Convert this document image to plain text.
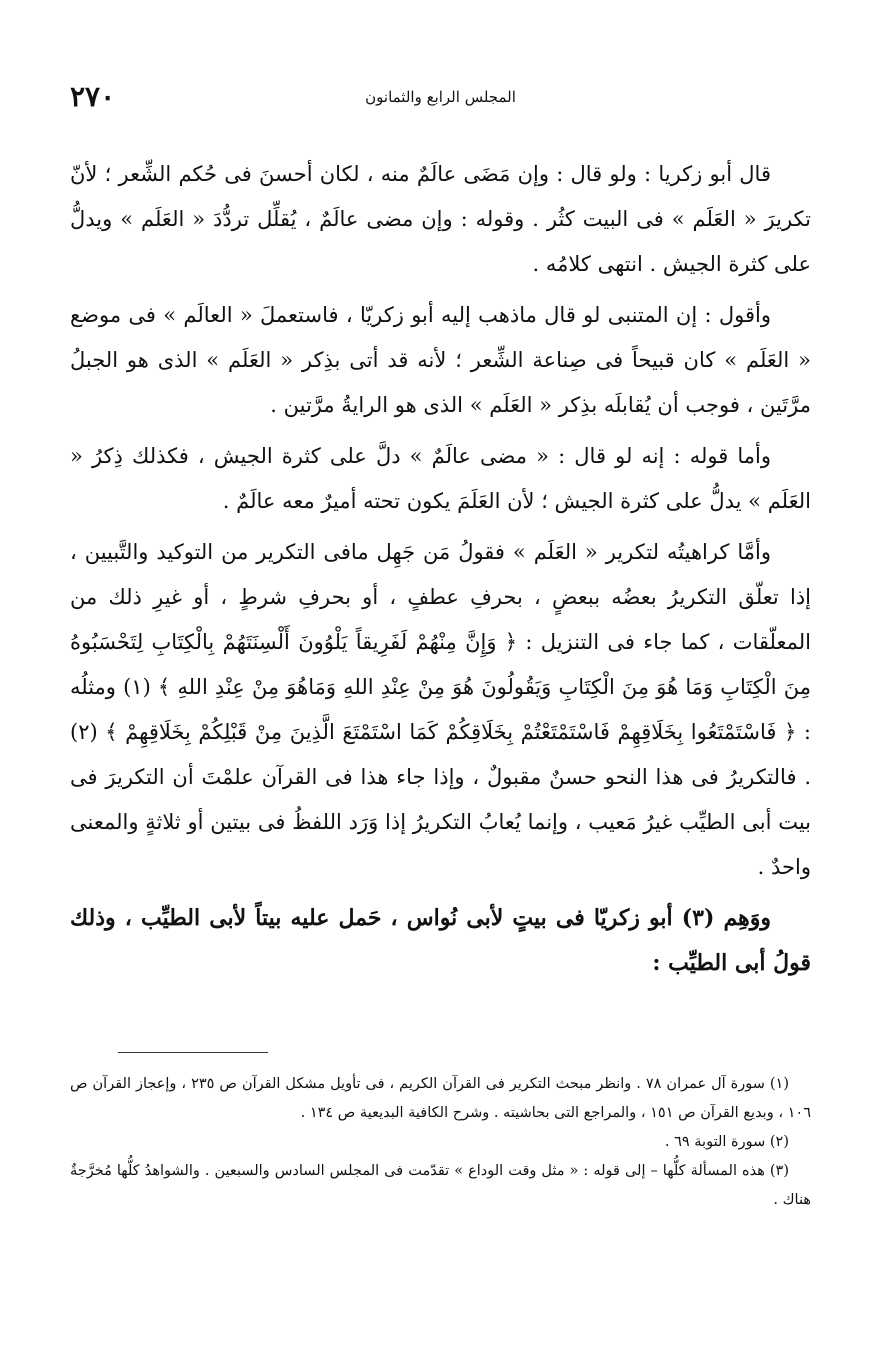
٢٧٠	المجلس الرابع والثمانون

قال أبو زكريا : ولو قال : وإن مَضَى عالَمٌ منه ، لكان أحسنَ فى حُكم الشِّعر ؛ لأنّ تكريرَ « العَلَم » فى البيت كثُر . وقوله : وإن مضى عالَمٌ ، يُقلِّل تردُّدَ « العَلَم » ويدلُّ على كثرة الجيش . انتهى كلامُه .

وأقول : إن المتنبى لو قال ماذهب إليه أبو زكريّا ، فاستعملَ « العالَم » فى موضع « العَلَم » كان قبيحاً فى صِناعة الشِّعر ؛ لأنه قد أتى بذِكر « العَلَم » الذى هو الجبلُ مرَّتَين ، فوجب أن يُقابلَه بذِكر « العَلَم » الذى هو الرايةُ مرَّتين .

وأما قوله : إنه لو قال : « مضى عالَمٌ » دلَّ على كثرة الجيش ، فكذلك ذِكرُ « العَلَم » يدلُّ على كثرة الجيش ؛ لأن العَلَمَ يكون تحته أميرٌ معه عالَمٌ .

وأمَّا كراهيتُه لتكرير « العَلَم » فقولُ مَن جَهِل مافى التكرير من التوكيد والتَّبيين ، إذا تعلّق التكريرُ بعضُه ببعضٍ ، بحرفِ عطفٍ ، أو بحرفِ شرطٍ ، أو غيرِ ذلك من المعلّقات ، كما جاء فى التنزيل : ﴿ وَإِنَّ مِنْهُمْ لَفَرِيقاً يَلْوُونَ أَلْسِنَتَهُمْ بِالْكِتَابِ لِتَحْسَبُوهُ مِنَ الْكِتَابِ وَمَا هُوَ مِنَ الْكِتَابِ وَيَقُولُونَ هُوَ مِنْ عِنْدِ اللهِ وَمَاهُوَ مِنْ عِنْدِ اللهِ ﴾ (١) ومثلُه : ﴿ فَاسْتَمْتَعُوا بِخَلَاقِهِمْ فَاسْتَمْتَعْتُمْ بِخَلَاقِكُمْ كَمَا اسْتَمْتَعَ الَّذِينَ مِنْ قَبْلِكُمْ بِخَلَاقِهِمْ ﴾ (٢) . فالتكريرُ فى هذا النحو حسنٌ مقبولٌ ، وإذا جاء هذا فى القرآن علمْتَ أن التكريرَ فى بيت أبى الطيِّب غيرُ مَعيب ، وإنما يُعابُ التكريرُ إذا وَرَد اللفظُ فى بيتين أو ثلاثةٍ والمعنى واحدٌ .

ووَهِم (٣) أبو زكريّا فى بيتٍ لأبى نُواس ، حَمل عليه بيتاً لأبى الطيِّب ، وذلك قولُ أبى الطيِّب :

(١) سورة آل عمران ٧٨ . وانظر مبحث التكرير فى القرآن الكريم ، فى تأويل مشكل القرآن ص ٢٣٥ ، وإعجاز القرآن ص ١٠٦ ، وبديع القرآن ص ١٥١ ، والمراجع التى بحاشيته . وشرح الكافية البديعية ص ١٣٤ .

(٢) سورة التوبة ٦٩ .

(٣) هذه المسألة كلُّها – إلى قوله : « مثل وقت الوداع » تقدّمت فى المجلس السادس والسبعين . والشواهدُ كلُّها مُخرَّجةٌ هناك .
